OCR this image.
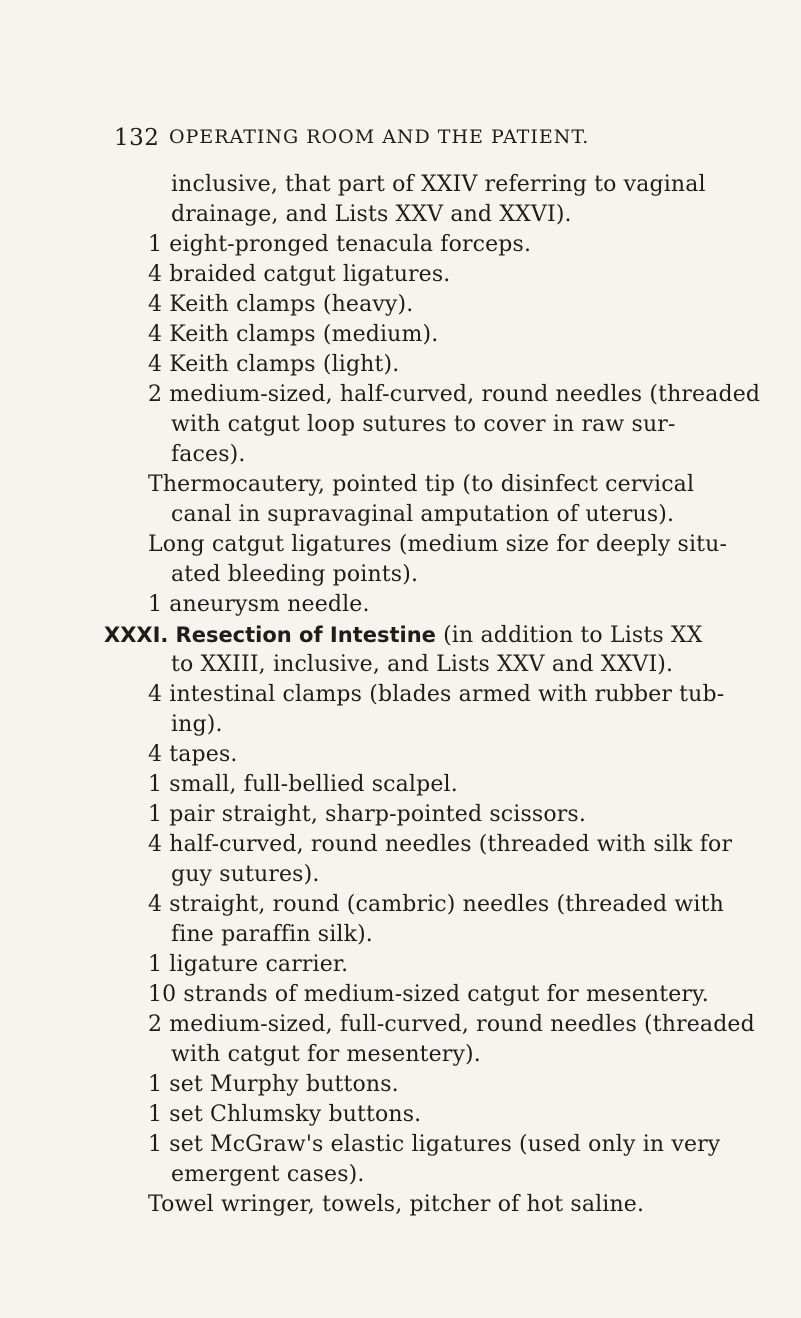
132 OPERATING ROOM AND THE PATIENT.
inclusive, that part of XXIV referring to vaginal
drainage, and Lists XXV and XXVI).
1 eight-pronged tenacula forceps.
4 braided catgut ligatures.
4 Keith clamps (heavy).
4 Keith clamps (medium).
4 Keith clamps (light).
2 medium-sized, half-curved, round needles (threaded
with catgut loop sutures to cover in raw sur-
faces).
Thermocautery, pointed tip (to disinfect cervical
canal in supravaginal amputation of uterus).
Long catgut ligatures (medium size for deeply situ-
ated bleeding points).
1 aneurysm needle.
XXXI. Resection of Intestine (in addition to Lists XX
to XXIII, inclusive, and Lists XXV and XXVI).
4 intestinal clamps (blades armed with rubber tub-
ing).
4 tapes.
1 small, full-bellied scalpel.
1 pair straight, sharp-pointed scissors.
4 half-curved, round needles (threaded with silk for
guy sutures).
4 straight, round (cambric) needles (threaded with
fine paraffin silk).
1 ligature carrier.
10 strands of medium-sized catgut for mesentery.
2 medium-sized, full-curved, round needles (threaded
with catgut for mesentery).
1 set Murphy buttons.
1 set Chlumsky buttons.
1 set McGraw's elastic ligatures (used only in very
emergent cases).
Towel wringer, towels, pitcher of hot saline.
